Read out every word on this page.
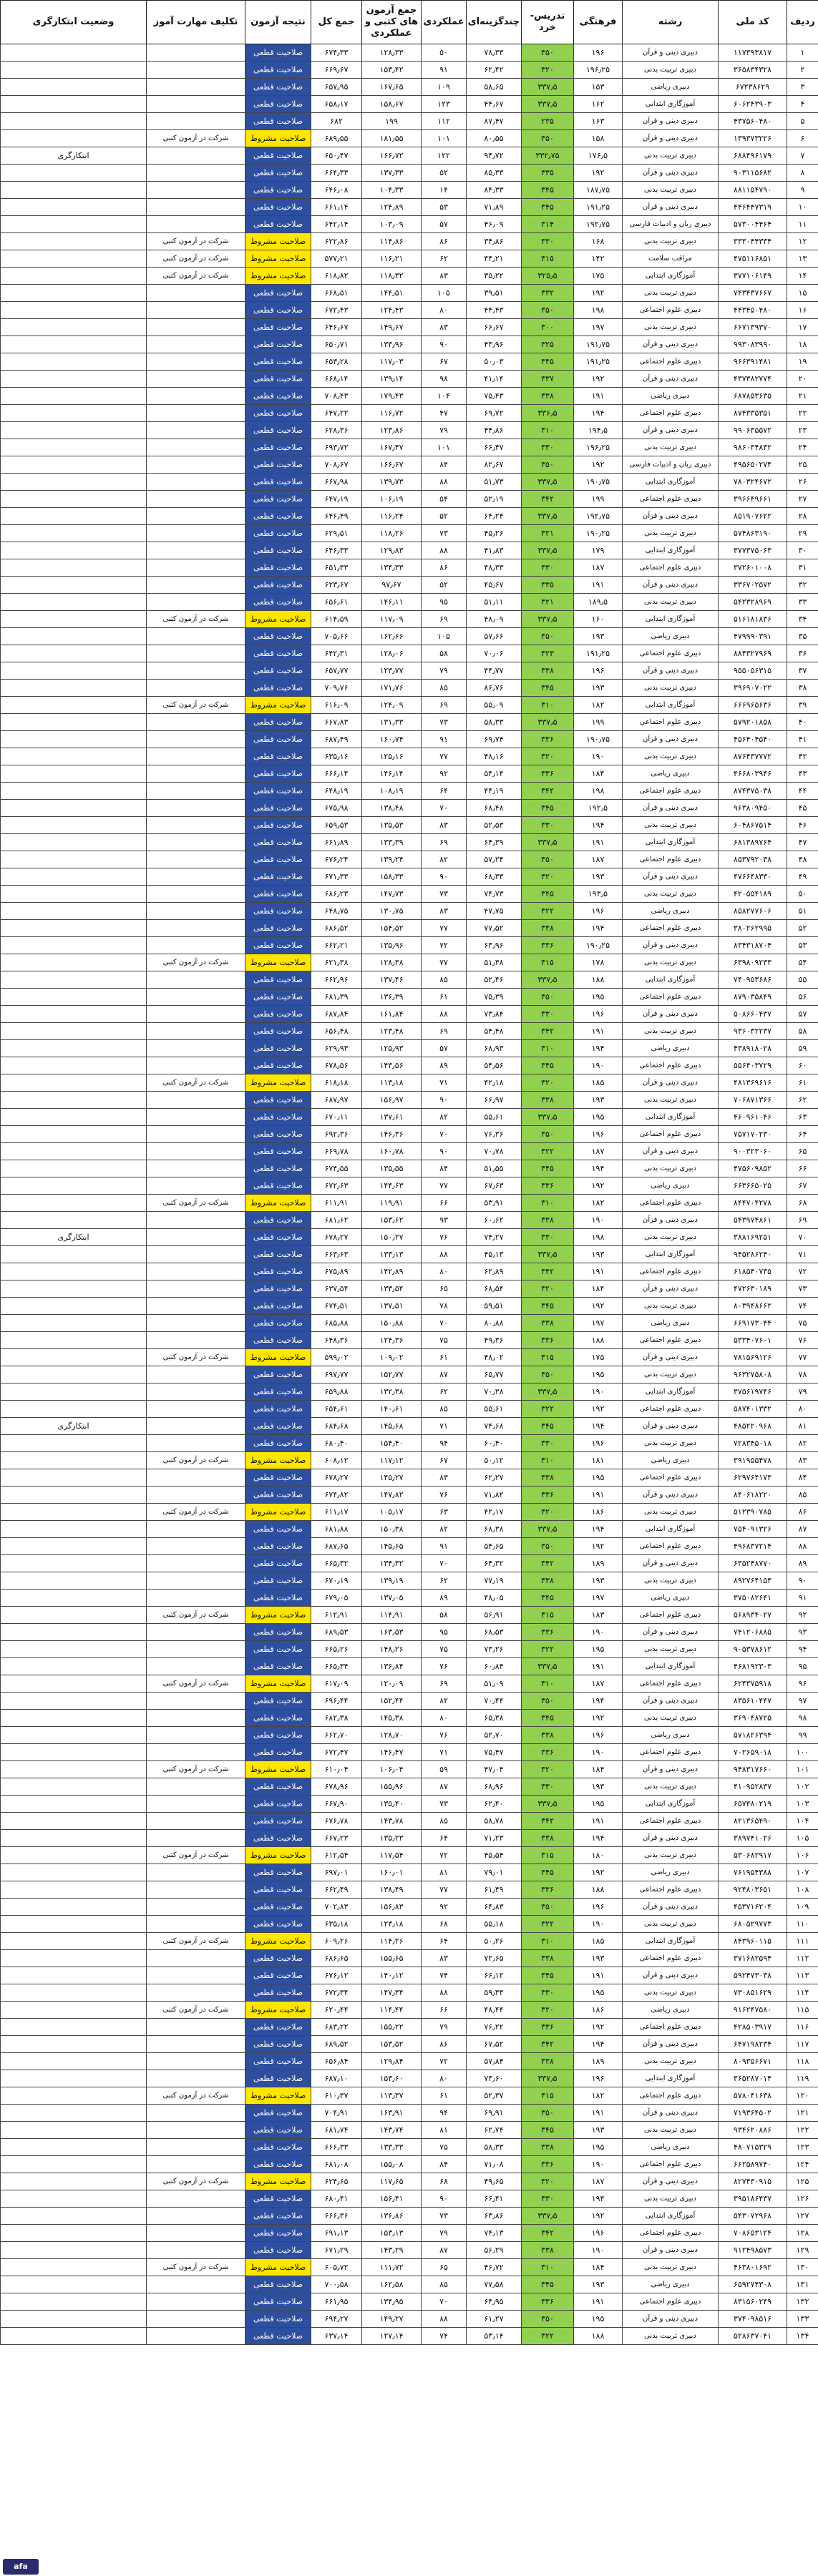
ردیف	کد ملی	رشته	فرهنگی	تدریس-خرد	چندگزینه‌ای	عملکردی	جمع آزمون های کتبی و عملکردی	جمع کل	نتیجه آزمون	تکلیف مهارت آموز	وضعیت ابتکارگری
۱	۱۱۷۳۹۳۸۱۷	دبیری دینی و قرآن	۱۹۶	۳۵۰	۷۸٫۳۳	۵۰	۱۲۸٫۳۳	۶۷۴٫۳۳	صلاحیت قطعی		
۲	۳۶۵۸۳۴۳۲۸	دبیری تربیت بدنی	۱۹۶٫۲۵	۳۲۰	۶۲٫۴۲	۹۱	۱۵۳٫۴۲	۶۶۹٫۶۷	صلاحیت قطعی		
۳	۶۷۲۳۸۶۲۹	دبیری ریاضی	۱۵۳	۳۳۷٫۵	۵۸٫۶۵	۱۰۹	۱۶۷٫۶۵	۶۵۷٫۹۵	صلاحیت قطعی		
۴	۶۰۶۲۴۳۹۰۳	آموزگاری ابتدایی	۱۶۲	۳۳۷٫۵	۴۴٫۶۷	۱۲۳	۱۵۸٫۶۷	۶۵۸٫۱۷	صلاحیت قطعی		
۵	۴۳۷۵۶۰۴۸۰	دبیری دینی و قرآن	۱۶۳	۲۳۵	۸۷٫۴۷	۱۱۲	۱۹۹	۶۸۲	صلاحیت قطعی		
۶	۱۳۹۳۷۳۲۲۶	دبیری دینی و قرآن	۱۵۸	۳۵۰	۸۰٫۵۵	۱۰۱	۱۸۱٫۵۵	۶۸۹٫۵۵	صلاحیت مشروط	شرکت در آزمون کتبی	
۷	۶۸۸۴۹۶۱۷۹	دبیری تربیت بدنی	۱۷۶٫۵	۳۳۲٫۷۵	۹۴٫۷۲	۱۲۲	۱۶۶٫۷۲	۶۵۰٫۴۷	صلاحیت قطعی		ابتکارگری
۸	۹۰۳۱۱۵۶۸۲	دبیری دینی و قرآن	۱۹۲	۳۳۵	۸۵٫۳۳	۵۲	۱۳۷٫۳۳	۶۶۴٫۳۳	صلاحیت قطعی		
۹	۸۸۱۱۵۴۷۹۰	دبیری تربیت بدنی	۱۸۷٫۷۵	۳۴۵	۸۴٫۳۳	۱۴	۱۰۴٫۳۳	۶۴۶٫۰۸	صلاحیت قطعی		
۱۰	۴۴۶۴۴۷۳۱۹	دبیری دینی و قرآن	۱۹۱٫۲۵	۳۴۵	۷۱٫۸۹	۵۳	۱۲۴٫۸۹	۶۶۱٫۱۴	صلاحیت قطعی		
۱۱	۵۷۳۰۰۴۴۶۴	دبیری زبان و ادبیات فارسی	۱۹۲٫۷۵	۳۱۴	۴۶٫۰۹	۵۷	۱۰۳٫۰۹	۶۴۲٫۱۴	صلاحیت قطعی		
۱۲	۳۳۳۰۴۴۳۳۴	دبیری تربیت بدنی	۱۶۸	۳۳۰	۳۴٫۸۶	۸۶	۱۱۴٫۸۶	۶۲۲٫۸۶	صلاحیت مشروط	شرکت در آزمون کتبی	
۱۳	۴۷۵۱۱۶۸۵۱	مراقب سلامت	۱۴۲	۳۱۵	۴۴٫۲۱	۶۲	۱۱۶٫۲۱	۵۷۷٫۲۱	صلاحیت مشروط	شرکت در آزمون کتبی	
۱۴	۳۷۷۱۰۶۱۴۹	آموزگاری ابتدایی	۱۷۵	۳۲۵٫۵	۳۵٫۲۲	۸۳	۱۱۸٫۳۲	۶۱۸٫۸۲	صلاحیت مشروط	شرکت در آزمون کتبی	
۱۵	۷۴۳۴۳۷۶۶۷	دبیری تربیت بدنی	۱۹۲	۳۳۲	۳۹٫۵۱	۱۰۵	۱۴۴٫۵۱	۶۶۸٫۵۱	صلاحیت قطعی		
۱۶	۴۴۳۴۵۰۴۸۰	دبیری علوم اجتماعی	۱۹۸	۳۵۰	۴۴٫۴۳	۸۰	۱۲۴٫۴۳	۶۷۲٫۴۳	صلاحیت قطعی		
۱۷	۶۶۷۱۳۹۳۷۰	دبیری تربیت بدنی	۱۹۷	۳۰۰	۶۶٫۶۷	۸۳	۱۴۹٫۶۷	۶۴۶٫۶۷	صلاحیت قطعی		
۱۸	۹۹۳۰۸۳۹۹۰	دبیری دینی و قرآن	۱۹۱٫۷۵	۳۲۵	۴۳٫۹۶	۹۰	۱۳۳٫۹۶	۶۵۰٫۷۱	صلاحیت قطعی		
۱۹	۹۶۶۳۹۱۴۸۱	دبیری علوم اجتماعی	۱۹۱٫۲۵	۳۴۵	۵۰٫۰۳	۶۷	۱۱۷٫۰۳	۶۵۳٫۲۸	صلاحیت قطعی		
۲۰	۴۳۷۳۸۲۷۷۴	دبیری دینی و قرآن	۱۹۲	۳۳۷	۴۱٫۱۴	۹۸	۱۳۹٫۱۴	۶۶۸٫۱۴	صلاحیت قطعی		
۲۱	۶۸۷۸۵۳۶۳۵	دبیری ریاضی	۱۹۱	۳۳۸	۷۵٫۴۳	۱۰۴	۱۷۹٫۴۳	۷۰۸٫۴۳	صلاحیت قطعی		
۲۲	۸۷۴۳۳۵۳۵۱	دبیری علوم اجتماعی	۱۹۴	۳۳۶٫۵	۶۹٫۷۲	۴۷	۱۱۶٫۷۲	۶۴۷٫۲۲	صلاحیت قطعی		
۲۳	۹۹۰۶۳۵۵۷۲	دبیری دینی و قرآن	۱۹۴٫۵	۳۱۰	۴۴٫۸۶	۷۹	۱۲۳٫۸۶	۶۲۸٫۳۶	صلاحیت قطعی		
۲۴	۹۸۶۰۳۴۸۳۲	دبیری تربیت بدنی	۱۹۶٫۲۵	۳۳۰	۶۶٫۴۷	۱۰۱	۱۶۷٫۴۷	۶۹۳٫۷۲	صلاحیت قطعی		
۲۵	۴۹۵۶۵۰۲۷۴	دبیری زبان و ادبیات فارسی	۱۹۲	۳۵۰	۸۲٫۶۷	۸۴	۱۶۶٫۶۷	۷۰۸٫۶۷	صلاحیت قطعی		
۲۶	۷۸۰۳۲۴۶۷۲	آموزگاری ابتدایی	۱۹۰٫۷۵	۳۳۷٫۵	۵۱٫۷۳	۸۸	۱۳۹٫۷۳	۶۶۷٫۹۸	صلاحیت قطعی		
۲۷	۳۹۶۶۴۹۶۶۱	دبیری علوم اجتماعی	۱۹۹	۳۴۲	۵۲٫۱۹	۵۴	۱۰۶٫۱۹	۶۴۷٫۱۹	صلاحیت قطعی		
۲۸	۸۵۱۹۰۷۶۲۲	دبیری دینی و قرآن	۱۹۲٫۷۵	۳۳۷٫۵	۶۴٫۲۴	۵۲	۱۱۶٫۲۴	۶۴۶٫۴۹	صلاحیت قطعی		
۲۹	۵۷۴۸۶۳۱۹۰	دبیری تربیت بدنی	۱۹۰٫۲۵	۳۲۱	۴۵٫۲۶	۷۳	۱۱۸٫۲۶	۶۲۹٫۵۱	صلاحیت قطعی		
۳۰	۳۷۷۳۷۵۰۶۳	آموزگاری ابتدایی	۱۷۹	۳۳۷٫۵	۴۱٫۸۳	۸۸	۱۲۹٫۸۳	۶۴۶٫۳۳	صلاحیت قطعی		
۳۱	۳۷۲۶۰۱۰۰۸	دبیری علوم اجتماعی	۱۸۷	۳۳۰	۴۸٫۳۳	۸۶	۱۳۴٫۳۳	۶۵۱٫۳۳	صلاحیت قطعی		
۳۲	۳۳۶۷۰۲۵۷۲	دبیری دینی و قرآن	۱۹۱	۳۳۵	۴۵٫۶۷	۵۲	۹۷٫۶۷	۶۲۳٫۶۷	صلاحیت قطعی		
۳۳	۵۴۲۳۲۸۹۶۹	دبیری تربیت بدنی	۱۸۹٫۵	۳۲۱	۵۱٫۱۱	۹۵	۱۴۶٫۱۱	۶۵۶٫۶۱	صلاحیت قطعی		
۳۴	۵۱۶۱۸۱۸۳۶	آموزگاری ابتدایی	۱۶۰	۳۳۷٫۵	۴۸٫۰۹	۶۹	۱۱۷٫۰۹	۶۱۴٫۵۹	صلاحیت مشروط	شرکت در آزمون کتبی	
۳۵	۴۷۹۹۹۰۳۹۱	دبیری ریاضی	۱۹۳	۳۵۰	۵۷٫۶۶	۱۰۵	۱۶۲٫۶۶	۷۰۵٫۶۶	صلاحیت قطعی		
۳۶	۸۸۴۳۲۷۹۶۹	دبیری علوم اجتماعی	۱۹۱٫۲۵	۳۲۳	۷۰٫۰۶	۵۸	۱۲۸٫۰۶	۶۴۲٫۳۱	صلاحیت قطعی		
۳۷	۹۵۵۰۵۶۳۱۵	دبیری دینی و قرآن	۱۹۶	۳۳۸	۴۴٫۷۷	۷۹	۱۲۳٫۷۷	۶۵۷٫۷۷	صلاحیت قطعی		
۳۸	۳۹۶۹۰۷۰۲۲	دبیری تربیت بدنی	۱۹۳	۳۴۵	۸۶٫۷۶	۸۵	۱۷۱٫۷۶	۷۰۹٫۷۶	صلاحیت قطعی		
۳۹	۶۶۶۹۶۵۶۳۶	آموزگاری ابتدایی	۱۸۲	۳۱۰	۵۵٫۰۹	۶۹	۱۲۴٫۰۹	۶۱۶٫۰۹	صلاحیت مشروط	شرکت در آزمون کتبی	
۴۰	۵۷۹۲۰۱۸۵۸	دبیری علوم اجتماعی	۱۹۹	۳۳۷٫۵	۵۸٫۳۳	۷۳	۱۳۱٫۳۳	۶۶۷٫۸۳	صلاحیت قطعی		
۴۱	۴۵۶۴۰۴۵۴۰	دبیری دینی و قرآن	۱۹۰٫۷۵	۳۳۶	۶۹٫۷۴	۹۱	۱۶۰٫۷۴	۶۸۷٫۴۹	صلاحیت قطعی		
۴۲	۸۷۶۴۳۷۷۷۲	دبیری تربیت بدنی	۱۹۰	۳۲۰	۴۸٫۱۶	۷۷	۱۲۵٫۱۶	۶۳۵٫۱۶	صلاحیت قطعی		
۴۳	۴۶۶۸۰۳۹۴۶	دبیری ریاضی	۱۸۴	۳۳۶	۵۴٫۱۴	۹۲	۱۴۶٫۱۴	۶۶۶٫۱۴	صلاحیت قطعی		
۴۴	۸۷۴۳۷۵۰۳۸	دبیری علوم اجتماعی	۱۹۸	۳۴۲	۴۴٫۱۹	۶۴	۱۰۸٫۱۹	۶۴۸٫۱۹	صلاحیت قطعی		
۴۵	۹۶۳۸۰۹۴۵۰	دبیری دینی و قرآن	۱۹۲٫۵	۳۴۵	۶۸٫۴۸	۷۰	۱۳۸٫۴۸	۶۷۵٫۹۸	صلاحیت قطعی		
۴۶	۶۰۴۸۶۷۵۱۴	دبیری تربیت بدنی	۱۹۴	۳۳۰	۵۲٫۵۳	۸۳	۱۳۵٫۵۳	۶۵۹٫۵۳	صلاحیت قطعی		
۴۷	۶۸۱۳۸۹۷۶۴	آموزگاری ابتدایی	۱۹۱	۳۳۷٫۵	۶۴٫۳۹	۶۹	۱۳۳٫۳۹	۶۶۱٫۸۹	صلاحیت قطعی		
۴۸	۸۵۳۷۹۲۰۳۸	دبیری علوم اجتماعی	۱۸۷	۳۵۰	۵۷٫۲۴	۸۲	۱۳۹٫۲۴	۶۷۶٫۲۴	صلاحیت قطعی		
۴۹	۴۷۶۶۴۸۳۳۰	دبیری دینی و قرآن	۱۹۳	۳۲۰	۶۸٫۳۳	۹۰	۱۵۸٫۳۳	۶۷۱٫۳۳	صلاحیت قطعی		
۵۰	۴۲۰۵۵۴۱۸۹	دبیری تربیت بدنی	۱۹۳٫۵	۳۴۵	۷۴٫۷۳	۷۳	۱۴۷٫۷۳	۶۸۶٫۲۳	صلاحیت قطعی		
۵۱	۸۵۸۲۷۷۶۰۶	دبیری ریاضی	۱۹۶	۳۲۲	۴۷٫۷۵	۸۳	۱۳۰٫۷۵	۶۴۸٫۷۵	صلاحیت قطعی		
۵۲	۳۸۰۲۶۲۹۹۵	دبیری علوم اجتماعی	۱۹۴	۳۳۸	۷۷٫۵۲	۷۷	۱۵۴٫۵۲	۶۸۶٫۵۲	صلاحیت قطعی		
۵۳	۸۳۴۳۱۸۷۰۴	دبیری دینی و قرآن	۱۹۰٫۲۵	۳۳۶	۶۳٫۹۶	۷۲	۱۳۵٫۹۶	۶۶۲٫۲۱	صلاحیت قطعی		
۵۴	۶۳۹۸۰۹۲۳۳	دبیری تربیت بدنی	۱۷۸	۳۱۵	۵۱٫۳۸	۷۷	۱۲۸٫۳۸	۶۲۱٫۳۸	صلاحیت مشروط	شرکت در آزمون کتبی	
۵۵	۷۴۰۹۵۳۶۸۶	آموزگاری ابتدایی	۱۸۸	۳۳۷٫۵	۵۲٫۴۶	۸۵	۱۳۷٫۴۶	۶۶۲٫۹۶	صلاحیت قطعی		
۵۶	۸۷۹۰۳۵۸۴۹	دبیری علوم اجتماعی	۱۹۵	۳۵۰	۷۵٫۳۹	۶۱	۱۳۶٫۳۹	۶۸۱٫۳۹	صلاحیت قطعی		
۵۷	۵۰۸۶۶۰۴۳۷	دبیری دینی و قرآن	۱۹۶	۳۳۰	۷۳٫۸۴	۸۸	۱۶۱٫۸۴	۶۸۷٫۸۴	صلاحیت قطعی		
۵۸	۹۳۶۰۳۲۲۳۷	دبیری تربیت بدنی	۱۹۱	۳۴۲	۵۴٫۴۸	۶۹	۱۲۳٫۴۸	۶۵۶٫۴۸	صلاحیت قطعی		
۵۹	۴۳۸۹۱۸۰۲۸	دبیری ریاضی	۱۹۴	۳۱۰	۶۸٫۹۳	۵۷	۱۲۵٫۹۳	۶۲۹٫۹۳	صلاحیت قطعی		
۶۰	۵۵۶۴۰۳۷۲۹	دبیری علوم اجتماعی	۱۹۰	۳۴۵	۵۴٫۵۶	۸۹	۱۴۳٫۵۶	۶۷۸٫۵۶	صلاحیت قطعی		
۶۱	۴۸۱۳۶۹۶۱۶	دبیری دینی و قرآن	۱۸۵	۳۲۰	۴۲٫۱۸	۷۱	۱۱۳٫۱۸	۶۱۸٫۱۸	صلاحیت مشروط	شرکت در آزمون کتبی	
۶۲	۷۰۶۸۷۱۳۶۶	دبیری تربیت بدنی	۱۹۳	۳۳۸	۶۶٫۹۷	۹۰	۱۵۶٫۹۷	۶۸۷٫۹۷	صلاحیت قطعی		
۶۳	۴۶۰۹۶۱۰۴۶	آموزگاری ابتدایی	۱۹۵	۳۳۷٫۵	۵۵٫۶۱	۸۲	۱۳۷٫۶۱	۶۷۰٫۱۱	صلاحیت قطعی		
۶۴	۷۵۷۱۷۰۲۳۰	دبیری علوم اجتماعی	۱۹۶	۳۵۰	۷۶٫۳۶	۷۰	۱۴۶٫۳۶	۶۹۲٫۳۶	صلاحیت قطعی		
۶۵	۹۰۰۳۲۳۰۶۰	دبیری دینی و قرآن	۱۸۷	۳۲۲	۷۰٫۷۸	۹۰	۱۶۰٫۷۸	۶۶۹٫۷۸	صلاحیت قطعی		
۶۶	۴۷۵۶۰۹۸۵۲	دبیری تربیت بدنی	۱۹۴	۳۴۵	۵۱٫۵۵	۸۴	۱۳۵٫۵۵	۶۷۴٫۵۵	صلاحیت قطعی		
۶۷	۶۶۳۶۶۵۰۲۵	دبیری ریاضی	۱۹۲	۳۳۶	۶۷٫۶۳	۷۷	۱۴۴٫۶۳	۶۷۲٫۶۳	صلاحیت قطعی		
۶۸	۸۴۴۷۰۴۲۷۸	دبیری علوم اجتماعی	۱۸۲	۳۱۰	۵۳٫۹۱	۶۶	۱۱۹٫۹۱	۶۱۱٫۹۱	صلاحیت مشروط	شرکت در آزمون کتبی	
۶۹	۵۴۳۹۷۴۸۶۱	دبیری دینی و قرآن	۱۹۰	۳۳۸	۶۰٫۶۲	۹۳	۱۵۳٫۶۲	۶۸۱٫۶۲	صلاحیت قطعی		
۷۰	۳۸۸۱۶۹۲۵۱	دبیری تربیت بدنی	۱۹۸	۳۳۰	۷۴٫۲۷	۷۶	۱۵۰٫۲۷	۶۷۸٫۲۷	صلاحیت قطعی		ابتکارگری
۷۱	۹۴۵۲۸۶۲۴۰	آموزگاری ابتدایی	۱۹۳	۳۳۷٫۵	۴۵٫۱۳	۸۸	۱۳۳٫۱۳	۶۶۳٫۶۳	صلاحیت قطعی		
۷۲	۶۱۸۵۴۰۷۳۵	دبیری علوم اجتماعی	۱۹۱	۳۴۲	۶۲٫۸۹	۸۰	۱۴۲٫۸۹	۶۷۵٫۸۹	صلاحیت قطعی		
۷۳	۴۷۲۶۳۰۱۸۹	دبیری دینی و قرآن	۱۸۴	۳۲۰	۶۸٫۵۴	۶۵	۱۳۳٫۵۴	۶۳۷٫۵۴	صلاحیت قطعی		
۷۴	۸۰۳۹۴۸۶۶۲	دبیری تربیت بدنی	۱۹۲	۳۴۵	۵۹٫۵۱	۷۸	۱۳۷٫۵۱	۶۷۴٫۵۱	صلاحیت قطعی		
۷۵	۶۶۹۱۷۳۰۴۴	دبیری ریاضی	۱۹۷	۳۳۸	۸۰٫۸۸	۷۰	۱۵۰٫۸۸	۶۸۵٫۸۸	صلاحیت قطعی		
۷۶	۵۳۳۴۰۷۶۰۱	دبیری علوم اجتماعی	۱۸۸	۳۳۶	۴۹٫۳۶	۷۵	۱۲۴٫۳۶	۶۴۸٫۳۶	صلاحیت قطعی		
۷۷	۷۸۱۵۶۹۱۲۶	دبیری دینی و قرآن	۱۷۵	۳۱۵	۴۸٫۰۲	۶۱	۱۰۹٫۰۲	۵۹۹٫۰۲	صلاحیت مشروط	شرکت در آزمون کتبی	
۷۸	۹۶۳۲۷۵۸۰۸	دبیری تربیت بدنی	۱۹۵	۳۵۰	۶۵٫۷۷	۸۷	۱۵۲٫۷۷	۶۹۷٫۷۷	صلاحیت قطعی		
۷۹	۳۷۵۶۱۹۷۴۶	آموزگاری ابتدایی	۱۹۰	۳۳۷٫۵	۷۰٫۳۸	۶۲	۱۳۲٫۳۸	۶۵۹٫۸۸	صلاحیت قطعی		
۸۰	۵۸۷۴۰۱۳۳۲	دبیری علوم اجتماعی	۱۹۲	۳۲۲	۵۵٫۶۱	۸۵	۱۴۰٫۶۱	۶۵۴٫۶۱	صلاحیت قطعی		
۸۱	۴۸۵۲۲۰۹۶۸	دبیری دینی و قرآن	۱۹۴	۳۴۵	۷۴٫۶۸	۷۱	۱۴۵٫۶۸	۶۸۴٫۶۸	صلاحیت قطعی		ابتکارگری
۸۲	۷۲۸۳۴۵۰۱۸	دبیری تربیت بدنی	۱۹۶	۳۳۰	۶۰٫۴۰	۹۴	۱۵۴٫۴۰	۶۸۰٫۴۰	صلاحیت قطعی		
۸۳	۳۹۱۹۵۵۴۷۸	دبیری ریاضی	۱۸۱	۳۱۰	۵۰٫۱۲	۶۷	۱۱۷٫۱۲	۶۰۸٫۱۲	صلاحیت مشروط	شرکت در آزمون کتبی	
۸۴	۶۲۹۷۶۴۱۷۳	دبیری علوم اجتماعی	۱۹۵	۳۳۸	۶۲٫۲۷	۸۳	۱۴۵٫۲۷	۶۷۸٫۲۷	صلاحیت قطعی		
۸۵	۸۴۰۶۱۸۲۲۰	دبیری دینی و قرآن	۱۹۱	۳۳۶	۷۱٫۸۲	۷۶	۱۴۷٫۸۲	۶۷۴٫۸۲	صلاحیت قطعی		
۸۶	۵۱۲۳۹۰۷۸۵	دبیری تربیت بدنی	۱۸۶	۳۲۰	۴۲٫۱۷	۶۳	۱۰۵٫۱۷	۶۱۱٫۱۷	صلاحیت مشروط	شرکت در آزمون کتبی	
۸۷	۷۵۴۰۹۱۳۲۶	آموزگاری ابتدایی	۱۹۴	۳۳۷٫۵	۶۸٫۳۸	۸۲	۱۵۰٫۳۸	۶۸۱٫۸۸	صلاحیت قطعی		
۸۸	۴۹۶۸۳۷۲۱۴	دبیری علوم اجتماعی	۱۹۲	۳۵۰	۵۴٫۶۵	۹۱	۱۴۵٫۶۵	۶۸۷٫۶۵	صلاحیت قطعی		
۸۹	۶۳۵۲۴۸۷۷۰	دبیری دینی و قرآن	۱۸۹	۳۴۲	۶۴٫۳۲	۷۰	۱۳۴٫۳۲	۶۶۵٫۳۲	صلاحیت قطعی		
۹۰	۸۹۲۷۶۴۱۵۳	دبیری تربیت بدنی	۱۹۳	۳۳۸	۷۷٫۱۹	۶۲	۱۳۹٫۱۹	۶۷۰٫۱۹	صلاحیت قطعی		
۹۱	۳۷۵۰۸۲۶۴۱	دبیری ریاضی	۱۹۷	۳۴۵	۴۸٫۰۵	۸۹	۱۳۷٫۰۵	۶۷۹٫۰۵	صلاحیت قطعی		
۹۲	۵۶۸۹۳۴۰۲۷	دبیری علوم اجتماعی	۱۸۳	۳۱۵	۵۶٫۹۱	۵۸	۱۱۴٫۹۱	۶۱۲٫۹۱	صلاحیت مشروط	شرکت در آزمون کتبی	
۹۳	۷۴۱۲۰۶۸۸۵	دبیری دینی و قرآن	۱۹۰	۳۳۶	۶۸٫۵۳	۹۵	۱۶۳٫۵۳	۶۸۹٫۵۳	صلاحیت قطعی		
۹۴	۹۰۵۳۷۸۶۱۲	دبیری تربیت بدنی	۱۹۵	۳۲۲	۷۳٫۲۶	۷۵	۱۴۸٫۲۶	۶۶۵٫۲۶	صلاحیت قطعی		
۹۵	۴۶۸۱۹۲۳۰۳	آموزگاری ابتدایی	۱۹۱	۳۳۷٫۵	۶۰٫۸۴	۷۶	۱۳۶٫۸۴	۶۶۵٫۳۴	صلاحیت قطعی		
۹۶	۶۲۴۳۷۵۹۱۸	دبیری علوم اجتماعی	۱۸۷	۳۱۰	۵۱٫۰۹	۶۹	۱۲۰٫۰۹	۶۱۷٫۰۹	صلاحیت مشروط	شرکت در آزمون کتبی	
۹۷	۸۳۵۶۱۰۴۴۷	دبیری دینی و قرآن	۱۹۴	۳۵۰	۷۰٫۴۴	۸۲	۱۵۲٫۴۴	۶۹۶٫۴۴	صلاحیت قطعی		
۹۸	۳۶۹۰۴۸۷۲۵	دبیری تربیت بدنی	۱۹۲	۳۴۵	۶۵٫۳۸	۸۰	۱۴۵٫۳۸	۶۸۲٫۳۸	صلاحیت قطعی		
۹۹	۵۷۱۸۲۶۳۹۴	دبیری ریاضی	۱۹۶	۳۳۸	۵۲٫۷۰	۷۶	۱۲۸٫۷۰	۶۶۲٫۷۰	صلاحیت قطعی		
۱۰۰	۷۰۲۶۵۹۰۱۸	دبیری علوم اجتماعی	۱۹۰	۳۳۶	۷۵٫۴۷	۷۱	۱۴۶٫۴۷	۶۷۲٫۴۷	صلاحیت قطعی		
۱۰۱	۹۴۸۳۱۷۶۶۰	دبیری دینی و قرآن	۱۸۴	۳۲۰	۴۷٫۰۴	۵۹	۱۰۶٫۰۴	۶۱۰٫۰۴	صلاحیت مشروط	شرکت در آزمون کتبی	
۱۰۲	۴۱۰۹۵۲۸۳۷	دبیری تربیت بدنی	۱۹۳	۳۳۰	۶۸٫۹۶	۸۷	۱۵۵٫۹۶	۶۷۸٫۹۶	صلاحیت قطعی		
۱۰۳	۶۵۷۴۸۰۲۱۹	آموزگاری ابتدایی	۱۹۵	۳۳۷٫۵	۶۲٫۴۰	۷۳	۱۳۵٫۴۰	۶۶۷٫۹۰	صلاحیت قطعی		
۱۰۴	۸۲۱۳۶۵۴۹۰	دبیری علوم اجتماعی	۱۹۱	۳۴۲	۵۸٫۷۸	۸۵	۱۴۳٫۷۸	۶۷۶٫۷۸	صلاحیت قطعی		
۱۰۵	۳۸۹۷۴۱۰۲۶	دبیری دینی و قرآن	۱۹۴	۳۳۸	۷۱٫۲۳	۶۴	۱۳۵٫۲۳	۶۶۷٫۲۳	صلاحیت قطعی		
۱۰۶	۵۳۰۶۸۲۹۱۷	دبیری تربیت بدنی	۱۸۰	۳۱۵	۴۵٫۵۴	۷۲	۱۱۷٫۵۴	۶۱۲٫۵۴	صلاحیت مشروط	شرکت در آزمون کتبی	
۱۰۷	۷۶۱۹۵۴۳۸۸	دبیری ریاضی	۱۹۲	۳۴۵	۷۹٫۰۱	۸۱	۱۶۰٫۰۱	۶۹۷٫۰۱	صلاحیت قطعی		
۱۰۸	۹۲۴۸۰۳۶۵۱	دبیری علوم اجتماعی	۱۸۸	۳۳۶	۶۱٫۴۹	۷۷	۱۳۸٫۴۹	۶۶۲٫۴۹	صلاحیت قطعی		
۱۰۹	۴۵۳۷۱۶۲۰۴	دبیری دینی و قرآن	۱۹۶	۳۵۰	۶۴٫۸۳	۹۲	۱۵۶٫۸۳	۷۰۲٫۸۳	صلاحیت قطعی		
۱۱۰	۶۸۰۵۲۹۷۷۳	دبیری تربیت بدنی	۱۹۰	۳۲۲	۵۵٫۱۸	۶۸	۱۲۳٫۱۸	۶۳۵٫۱۸	صلاحیت قطعی		
۱۱۱	۸۴۳۹۶۰۱۱۵	آموزگاری ابتدایی	۱۸۵	۳۱۰	۵۰٫۲۶	۶۴	۱۱۴٫۲۶	۶۰۹٫۲۶	صلاحیت مشروط	شرکت در آزمون کتبی	
۱۱۲	۳۷۱۶۸۲۵۹۴	دبیری علوم اجتماعی	۱۹۳	۳۳۸	۷۲٫۶۵	۸۳	۱۵۵٫۶۵	۶۸۶٫۶۵	صلاحیت قطعی		
۱۱۳	۵۹۲۴۷۳۰۳۸	دبیری دینی و قرآن	۱۹۱	۳۴۵	۶۶٫۱۲	۷۴	۱۴۰٫۱۲	۶۷۶٫۱۲	صلاحیت قطعی		
۱۱۴	۷۳۰۸۵۱۶۲۹	دبیری تربیت بدنی	۱۹۵	۳۳۰	۵۹٫۳۴	۸۸	۱۴۷٫۳۴	۶۷۲٫۳۴	صلاحیت قطعی		
۱۱۵	۹۱۶۲۴۷۵۸۰	دبیری ریاضی	۱۸۶	۳۲۰	۴۸٫۴۴	۶۶	۱۱۴٫۴۴	۶۲۰٫۴۴	صلاحیت مشروط	شرکت در آزمون کتبی	
۱۱۶	۴۲۸۵۰۳۹۱۷	دبیری علوم اجتماعی	۱۹۲	۳۳۶	۷۶٫۲۲	۷۹	۱۵۵٫۲۲	۶۸۳٫۲۲	صلاحیت قطعی		
۱۱۷	۶۴۷۱۹۸۲۳۴	دبیری دینی و قرآن	۱۹۴	۳۴۲	۶۷٫۵۲	۸۶	۱۵۳٫۵۲	۶۸۹٫۵۲	صلاحیت قطعی		
۱۱۸	۸۰۹۳۵۶۶۷۱	دبیری تربیت بدنی	۱۸۹	۳۳۸	۵۷٫۸۴	۷۲	۱۲۹٫۸۴	۶۵۶٫۸۴	صلاحیت قطعی		
۱۱۹	۳۶۵۲۸۷۰۱۴	آموزگاری ابتدایی	۱۹۶	۳۳۷٫۵	۷۳٫۶۰	۸۰	۱۵۳٫۶۰	۶۸۷٫۱۰	صلاحیت قطعی		
۱۲۰	۵۷۸۰۴۱۶۳۸	دبیری علوم اجتماعی	۱۸۲	۳۱۵	۵۲٫۳۷	۶۱	۱۱۳٫۳۷	۶۱۰٫۳۷	صلاحیت مشروط	شرکت در آزمون کتبی	
۱۲۱	۷۱۹۳۶۴۵۰۲	دبیری دینی و قرآن	۱۹۱	۳۵۰	۶۹٫۹۱	۹۴	۱۶۳٫۹۱	۷۰۴٫۹۱	صلاحیت قطعی		
۱۲۲	۹۳۴۶۲۰۸۸۶	دبیری تربیت بدنی	۱۹۳	۳۴۵	۶۲٫۷۴	۸۱	۱۴۳٫۷۴	۶۸۱٫۷۴	صلاحیت قطعی		
۱۲۳	۴۸۰۷۱۵۳۲۹	دبیری ریاضی	۱۹۵	۳۳۸	۵۸٫۳۳	۷۵	۱۳۳٫۳۳	۶۶۶٫۳۳	صلاحیت قطعی		
۱۲۴	۶۶۲۵۸۹۷۴۰	دبیری علوم اجتماعی	۱۹۰	۳۳۶	۷۱٫۰۸	۸۴	۱۵۵٫۰۸	۶۸۱٫۰۸	صلاحیت قطعی		
۱۲۵	۸۲۷۴۳۰۹۱۵	دبیری دینی و قرآن	۱۸۷	۳۲۰	۴۹٫۶۵	۶۸	۱۱۷٫۶۵	۶۲۴٫۶۵	صلاحیت مشروط	شرکت در آزمون کتبی	
۱۲۶	۳۹۵۱۸۶۴۳۷	دبیری تربیت بدنی	۱۹۴	۳۳۰	۶۶٫۴۱	۹۰	۱۵۶٫۴۱	۶۸۰٫۴۱	صلاحیت قطعی		
۱۲۷	۵۴۳۰۷۲۹۶۸	آموزگاری ابتدایی	۱۹۲	۳۳۷٫۵	۶۳٫۸۶	۷۳	۱۳۶٫۸۶	۶۶۶٫۳۶	صلاحیت قطعی		
۱۲۸	۷۰۸۶۵۳۱۲۴	دبیری علوم اجتماعی	۱۹۶	۳۴۲	۷۴٫۱۳	۷۹	۱۵۳٫۱۳	۶۹۱٫۱۳	صلاحیت قطعی		
۱۲۹	۹۱۲۴۹۸۵۷۳	دبیری دینی و قرآن	۱۹۰	۳۳۸	۵۶٫۲۹	۸۷	۱۴۳٫۲۹	۶۷۱٫۲۹	صلاحیت قطعی		
۱۳۰	۴۶۳۸۰۱۶۹۲	دبیری تربیت بدنی	۱۸۴	۳۱۰	۴۶٫۷۲	۶۵	۱۱۱٫۷۲	۶۰۵٫۷۲	صلاحیت مشروط	شرکت در آزمون کتبی	
۱۳۱	۶۵۹۲۷۴۳۰۸	دبیری ریاضی	۱۹۳	۳۴۵	۷۷٫۵۸	۸۵	۱۶۲٫۵۸	۷۰۰٫۵۸	صلاحیت قطعی		
۱۳۲	۸۳۱۵۶۰۲۴۹	دبیری علوم اجتماعی	۱۹۱	۳۳۶	۶۴٫۹۵	۷۰	۱۳۴٫۹۵	۶۶۱٫۹۵	صلاحیت قطعی		
۱۳۳	۳۷۴۰۹۸۵۱۶	دبیری دینی و قرآن	۱۹۵	۳۵۰	۶۱٫۲۷	۸۸	۱۴۹٫۲۷	۶۹۴٫۲۷	صلاحیت قطعی		
۱۳۴	۵۲۸۶۳۷۰۴۱	دبیری تربیت بدنی	۱۸۸	۳۲۲	۵۳٫۱۴	۷۴	۱۲۷٫۱۴	۶۳۷٫۱۴	صلاحیت قطعی		
afa
